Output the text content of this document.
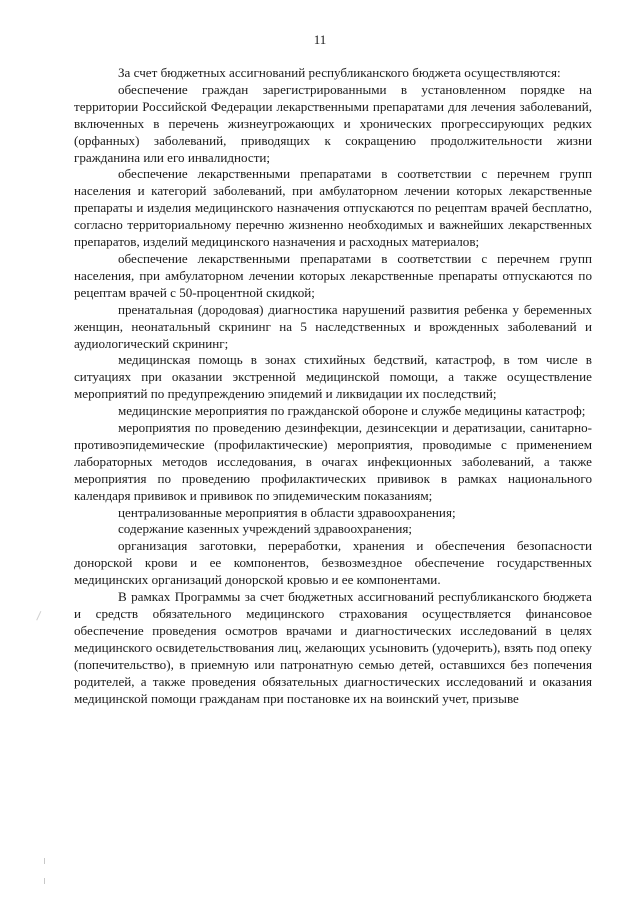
11

За счет бюджетных ассигнований республиканского бюджета осуществляются:

обеспечение граждан зарегистрированными в установленном порядке на территории Российской Федерации лекарственными препаратами для лечения заболеваний, включенных в перечень жизнеугрожающих и хронических прогрессирующих редких (орфанных) заболеваний, приводящих к сокращению продолжительности жизни гражданина или его инвалидности;

обеспечение лекарственными препаратами в соответствии с перечнем групп населения и категорий заболеваний, при амбулаторном лечении которых лекарственные препараты и изделия медицинского назначения отпускаются по рецептам врачей бесплатно, согласно территориальному перечню жизненно необходимых и важнейших лекарственных препаратов, изделий медицинского назначения и расходных материалов;

обеспечение лекарственными препаратами в соответствии с перечнем групп населения, при амбулаторном лечении которых лекарственные препараты отпускаются по рецептам врачей с 50-процентной скидкой;

пренатальная (дородовая) диагностика нарушений развития ребенка у беременных женщин, неонатальный скрининг на 5 наследственных и врожденных заболеваний и аудиологический скрининг;

медицинская помощь в зонах стихийных бедствий, катастроф, в том числе в ситуациях при оказании экстренной медицинской помощи, а также осуществление мероприятий по предупреждению эпидемий и ликвидации их последствий;

медицинские мероприятия по гражданской обороне и службе медицины катастроф;

мероприятия по проведению дезинфекции, дезинсекции и дератизации, санитарно-противоэпидемические (профилактические) мероприятия, проводимые с применением лабораторных методов исследования, в очагах инфекционных заболеваний, а также мероприятия по проведению профилактических прививок в рамках национального календаря прививок и прививок по эпидемическим показаниям;

централизованные мероприятия в области здравоохранения;

содержание казенных учреждений здравоохранения;

организация заготовки, переработки, хранения и обеспечения безопасности донорской крови и ее компонентов, безвозмездное обеспечение государственных медицинских организаций донорской кровью и ее компонентами.

В рамках Программы за счет бюджетных ассигнований республиканского бюджета и средств обязательного медицинского страхования осуществляется финансовое обеспечение проведения осмотров врачами и диагностических исследований в целях медицинского освидетельствования лиц, желающих усыновить (удочерить), взять под опеку (попечительство), в приемную или патронатную семью детей, оставшихся без попечения родителей, а также проведения обязательных диагностических исследований и оказания медицинской помощи гражданам при постановке их на воинский учет, призыве
